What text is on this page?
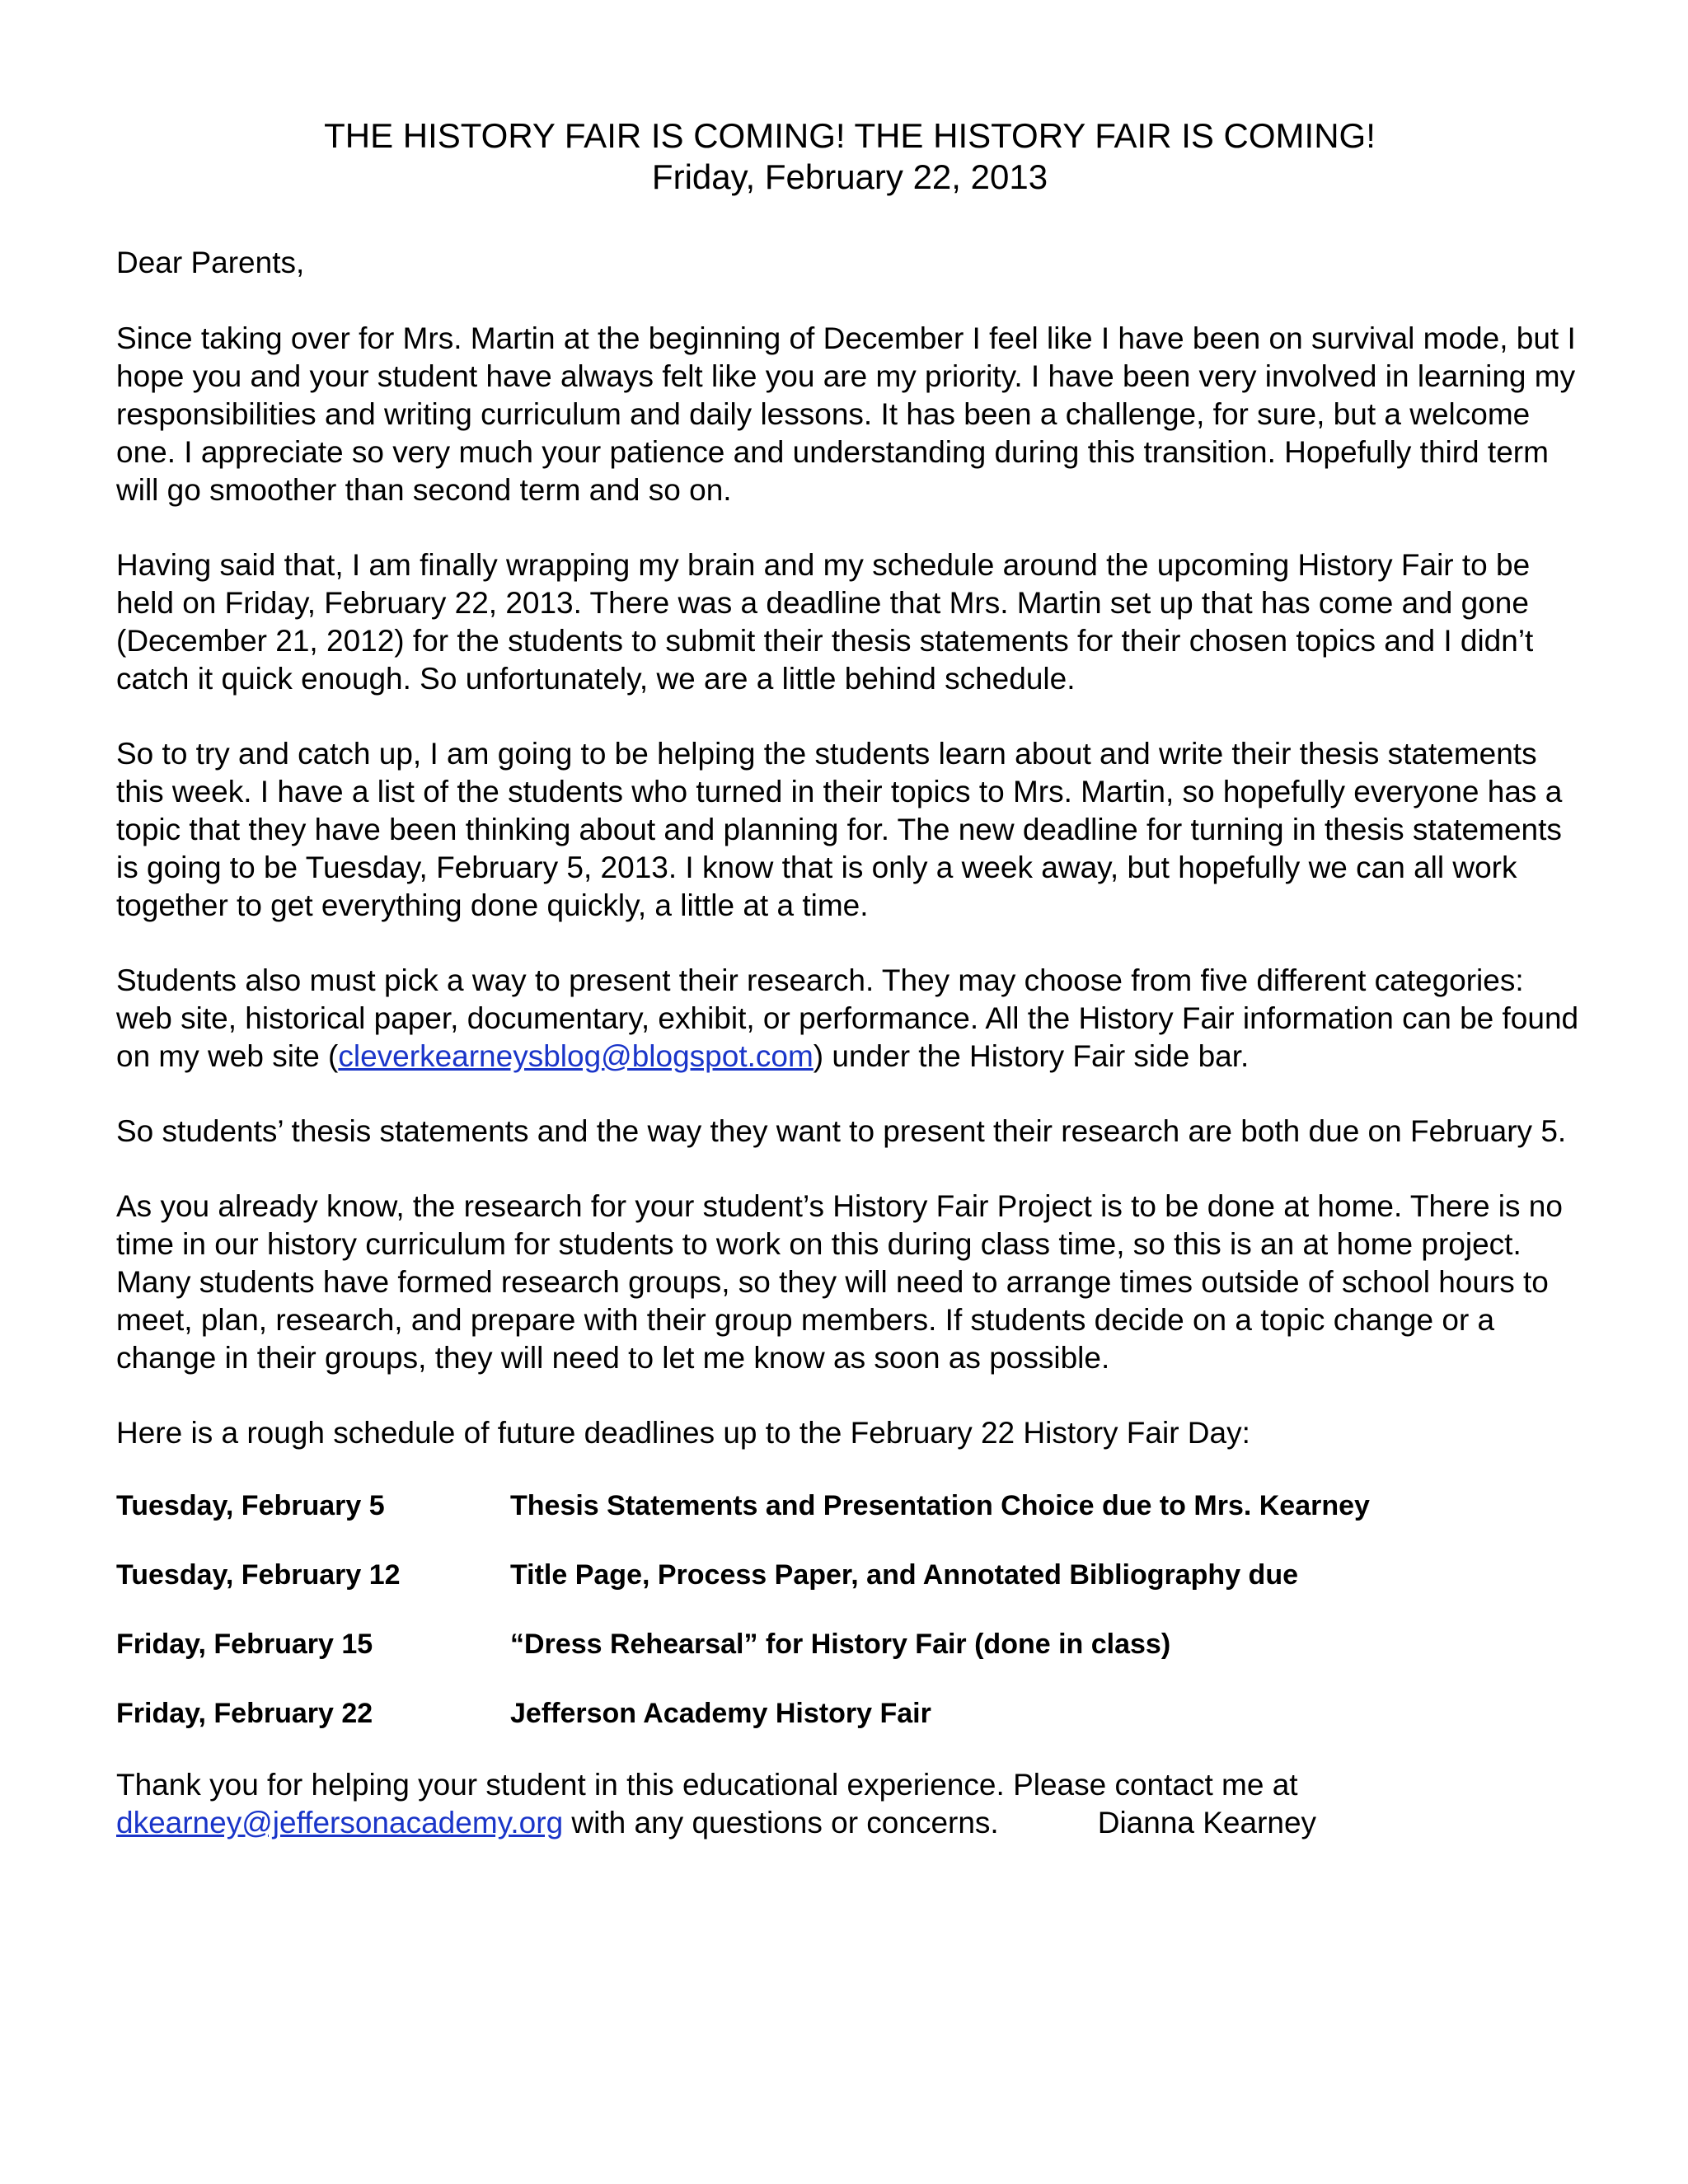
THE HISTORY FAIR IS COMING! THE HISTORY FAIR IS COMING!

Friday, February 22, 2013

Dear Parents,

Since taking over for Mrs. Martin at the beginning of December I feel like I have been on survival mode, but I hope you and your student have always felt like you are my priority. I have been very involved in learning my responsibilities and writing curriculum and daily lessons. It has been a challenge, for sure, but a welcome one. I appreciate so very much your patience and understanding during this transition. Hopefully third term will go smoother than second term and so on.

Having said that, I am finally wrapping my brain and my schedule around the upcoming History Fair to be held on Friday, February 22, 2013. There was a deadline that Mrs. Martin set up that has come and gone (December 21, 2012) for the students to submit their thesis statements for their chosen topics and I didn’t catch it quick enough. So unfortunately, we are a little behind schedule.

So to try and catch up, I am going to be helping the students learn about and write their thesis statements this week. I have a list of the students who turned in their topics to Mrs. Martin, so hopefully everyone has a topic that they have been thinking about and planning for. The new deadline for turning in thesis statements is going to be Tuesday, February 5, 2013. I know that is only a week away, but hopefully we can all work together to get everything done quickly, a little at a time.

Students also must pick a way to present their research. They may choose from five different categories: web site, historical paper, documentary, exhibit, or performance. All the History Fair information can be found on my web site (cleverkearneysblog@blogspot.com) under the History Fair side bar.

So students’ thesis statements and the way they want to present their research are both due on February 5.

As you already know, the research for your student’s History Fair Project is to be done at home. There is no time in our history curriculum for students to work on this during class time, so this is an at home project. Many students have formed research groups, so they will need to arrange times outside of school hours to meet, plan, research, and prepare with their group members. If students decide on a topic change or a change in their groups, they will need to let me know as soon as possible.

Here is a rough schedule of future deadlines up to the February 22 History Fair Day:

Tuesday, February 5	Thesis Statements and Presentation Choice due to Mrs. Kearney
Tuesday, February 12	Title Page, Process Paper, and Annotated Bibliography due
Friday, February 15	“Dress Rehearsal” for History Fair (done in class)
Friday, February 22	Jefferson Academy History Fair

Thank you for helping your student in this educational experience. Please contact me at
dkearney@jeffersonacademy.org with any questions or concerns.	Dianna Kearney
